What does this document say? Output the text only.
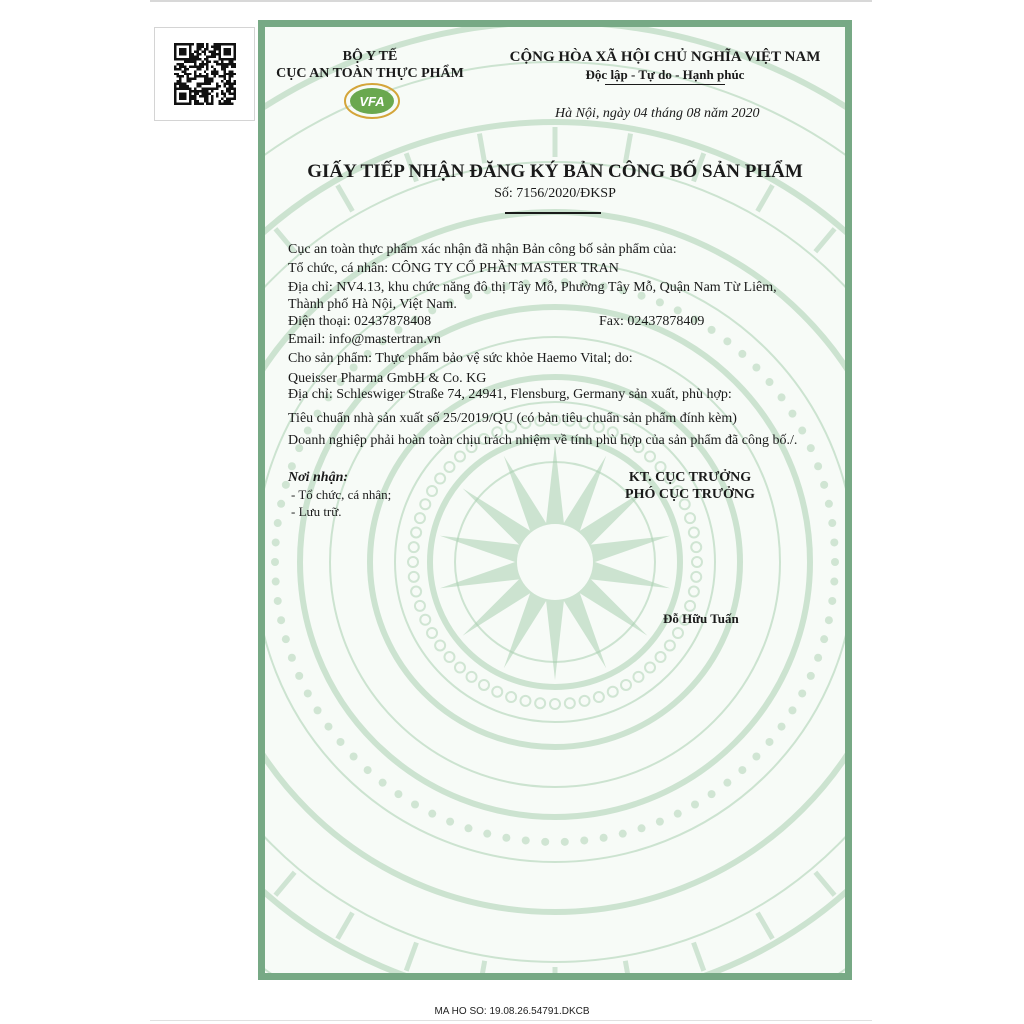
BỘ Y TẾ
CỤC AN TOÀN THỰC PHẨM
VFA
CỘNG HÒA XÃ HỘI CHỦ NGHĨA VIỆT NAM
Độc lập - Tự do - Hạnh phúc
Hà Nội, ngày 04 tháng 08 năm 2020
GIẤY TIẾP NHẬN ĐĂNG KÝ BẢN CÔNG BỐ SẢN PHẨM
Số: 7156/2020/ĐKSP
Cục an toàn thực phẩm xác nhận đã nhận Bản công bố sản phẩm của:
Tổ chức, cá nhân: CÔNG TY CỔ PHẦN MASTER TRAN
Địa chỉ: NV4.13, khu chức năng đô thị Tây Mỗ, Phường Tây Mỗ, Quận Nam Từ Liêm,
Thành phố Hà Nội, Việt Nam.
Điện thoại: 02437878408	Fax: 02437878409
Email: info@mastertran.vn
Cho sản phẩm: Thực phẩm bảo vệ sức khỏe Haemo Vital; do:
Queisser Pharma GmbH & Co. KG
Địa chỉ: Schleswiger Straße 74, 24941, Flensburg, Germany sản xuất, phù hợp:
Tiêu chuẩn nhà sản xuất số 25/2019/QU (có bản tiêu chuẩn sản phẩm đính kèm)
Doanh nghiệp phải hoàn toàn chịu trách nhiệm về tính phù hợp của sản phẩm đã công bố./.
Nơi nhận:
- Tổ chức, cá nhân;
- Lưu trữ.
KT. CỤC TRƯỞNG
PHÓ CỤC TRƯỞNG
Đỗ Hữu Tuấn
MA HO SO: 19.08.26.54791.DKCB
